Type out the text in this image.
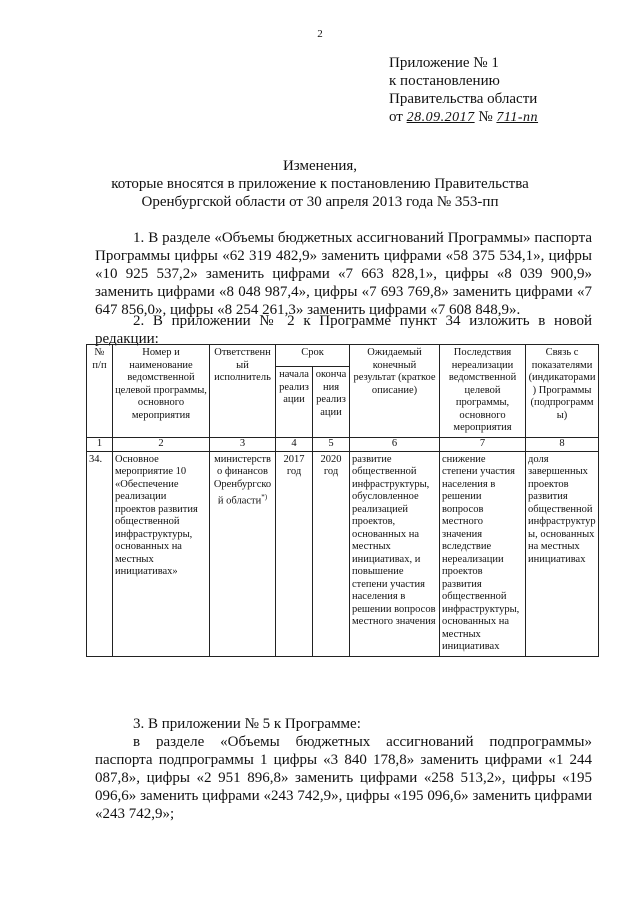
2
Приложение № 1
к постановлению
Правительства области
от 28.09.2017 № 711-пп
Изменения,
которые вносятся в приложение к постановлению Правительства
Оренбургской области от 30 апреля 2013 года № 353-пп
1. В разделе «Объемы бюджетных ассигнований Программы» паспорта Программы цифры «62 319 482,9» заменить цифрами «58 375 534,1», цифры «10 925 537,2» заменить цифрами «7 663 828,1», цифры «8 039 900,9» заменить цифрами «8 048 987,4», цифры «7 693 769,8» заменить цифрами «7 647 856,0», цифры «8 254 261,3» заменить цифрами «7 608 848,9».
2. В приложении № 2 к Программе пункт 34 изложить в новой редакции:
№ п/п	Номер и наименование ведомственной целевой программы, основного мероприятия	Ответственный исполнитель	Срок		Ожидаемый конечный результат (краткое описание)	Последствия нереализации ведомственной целевой программы, основного мероприятия	Связь с показателями (индикаторами) Программы (подпрограммы)
			начала реализации	окончания реализации			
1	2	3	4	5	6	7	8
34.	Основное мероприятие 10 «Обеспечение реализации проектов развития общественной инфраструктуры, основанных на местных инициативах»	министерство финансов Оренбургской области*)	2017 год	2020 год	развитие общественной инфраструктуры, обусловленное реализацией проектов, основанных на местных инициативах, и повышение степени участия населения в решении вопросов местного значения	снижение степени участия населения в решении вопросов местного значения вследствие нереализации проектов развития общественной инфраструктуры, основанных на местных инициативах	доля завершенных проектов развития общественной инфраструктуры, основанных на местных инициативах
3. В приложении № 5 к Программе:
в разделе «Объемы бюджетных ассигнований подпрограммы» паспорта подпрограммы 1 цифры «3 840 178,8» заменить цифрами «1 244 087,8», цифры «2 951 896,8» заменить цифрами «258 513,2», цифры «195 096,6» заменить цифрами «243 742,9», цифры «195 096,6» заменить цифрами «243 742,9»;
